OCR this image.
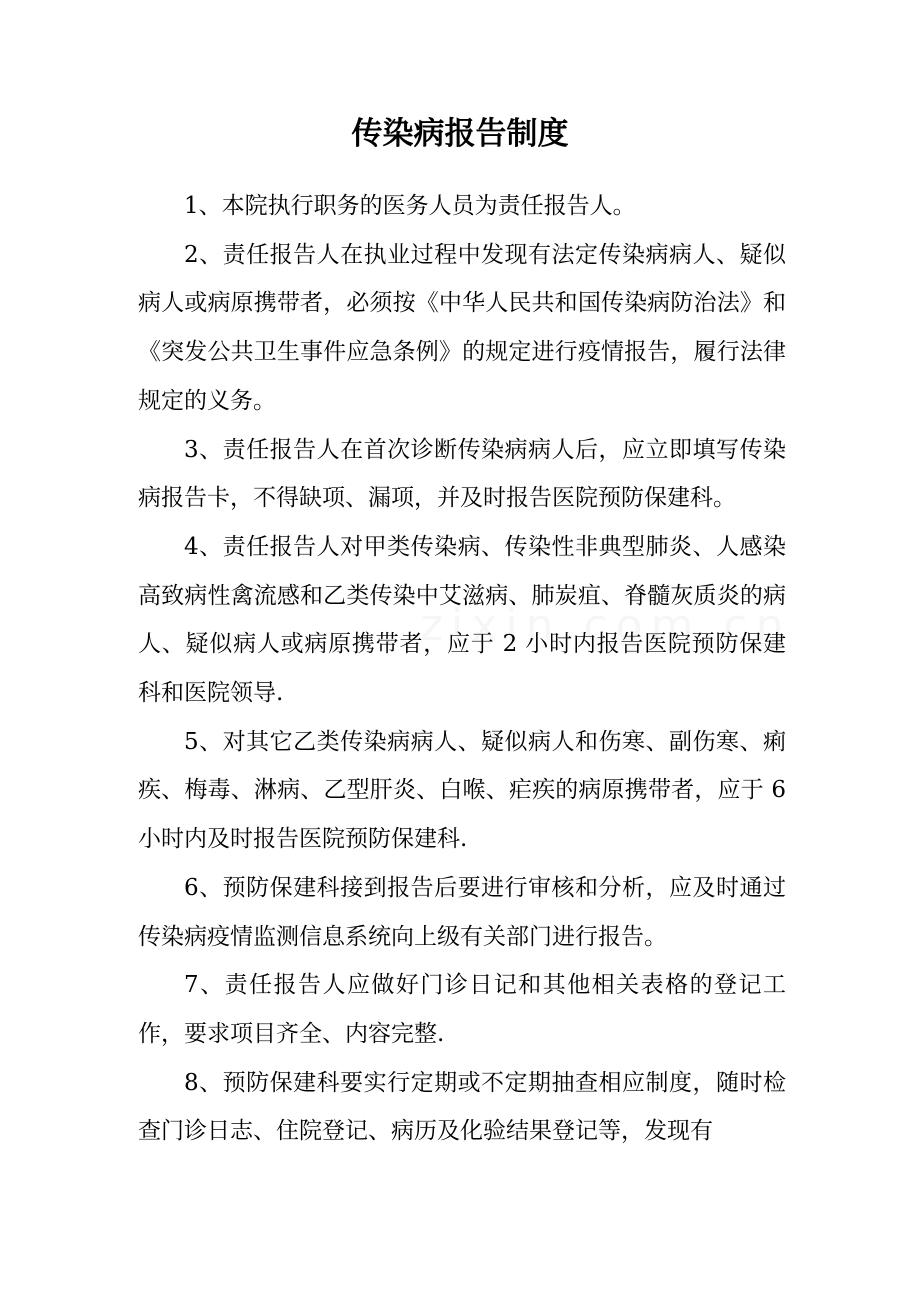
传染病报告制度

1、本院执行职务的医务人员为责任报告人。

2、责任报告人在执业过程中发现有法定传染病病人、疑似病人或病原携带者，必须按《中华人民共和国传染病防治法》和《突发公共卫生事件应急条例》的规定进行疫情报告，履行法律规定的义务。

3、责任报告人在首次诊断传染病病人后，应立即填写传染病报告卡，不得缺项、漏项，并及时报告医院预防保建科。

4、责任报告人对甲类传染病、传染性非典型肺炎、人感染高致病性禽流感和乙类传染中艾滋病、肺炭疽、脊髓灰质炎的病人、疑似病人或病原携带者，应于 2 小时内报告医院预防保建科和医院领导.

5、对其它乙类传染病病人、疑似病人和伤寒、副伤寒、痢疾、梅毒、淋病、乙型肝炎、白喉、疟疾的病原携带者，应于 6 小时内及时报告医院预防保建科.

6、预防保建科接到报告后要进行审核和分析，应及时通过传染病疫情监测信息系统向上级有关部门进行报告。

7、责任报告人应做好门诊日记和其他相关表格的登记工作，要求项目齐全、内容完整.

8、预防保建科要实行定期或不定期抽查相应制度，随时检查门诊日志、住院登记、病历及化验结果登记等，发现有
